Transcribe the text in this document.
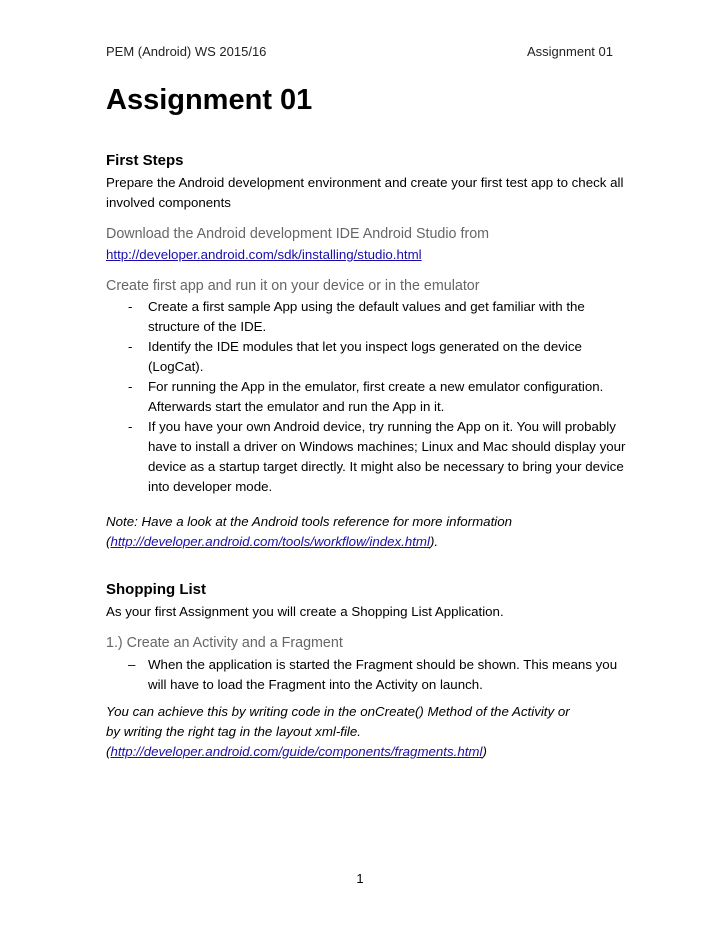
PEM (Android) WS 2015/16	Assignment 01
Assignment 01
First Steps
Prepare the Android development environment and create your first test app to check all involved components
Download the Android development IDE Android Studio from
http://developer.android.com/sdk/installing/studio.html
Create first app and run it on your device or in the emulator
- Create a first sample App using the default values and get familiar with the structure of the IDE.
- Identify the IDE modules that let you inspect logs generated on the device (LogCat).
- For running the App in the emulator, first create a new emulator configuration. Afterwards start the emulator and run the App in it.
- If you have your own Android device, try running the App on it. You will probably have to install a driver on Windows machines; Linux and Mac should display your device as a startup target directly. It might also be necessary to bring your device into developer mode.
Note: Have a look at the Android tools reference for more information
(http://developer.android.com/tools/workflow/index.html).
Shopping List
As your first Assignment you will create a Shopping List Application.
1.) Create an Activity and a Fragment
– When the application is started the Fragment should be shown. This means you will have to load the Fragment into the Activity on launch.
You can achieve this by writing code in the onCreate() Method of the Activity or
by writing the right tag in the layout xml-file.
(http://developer.android.com/guide/components/fragments.html)
1
